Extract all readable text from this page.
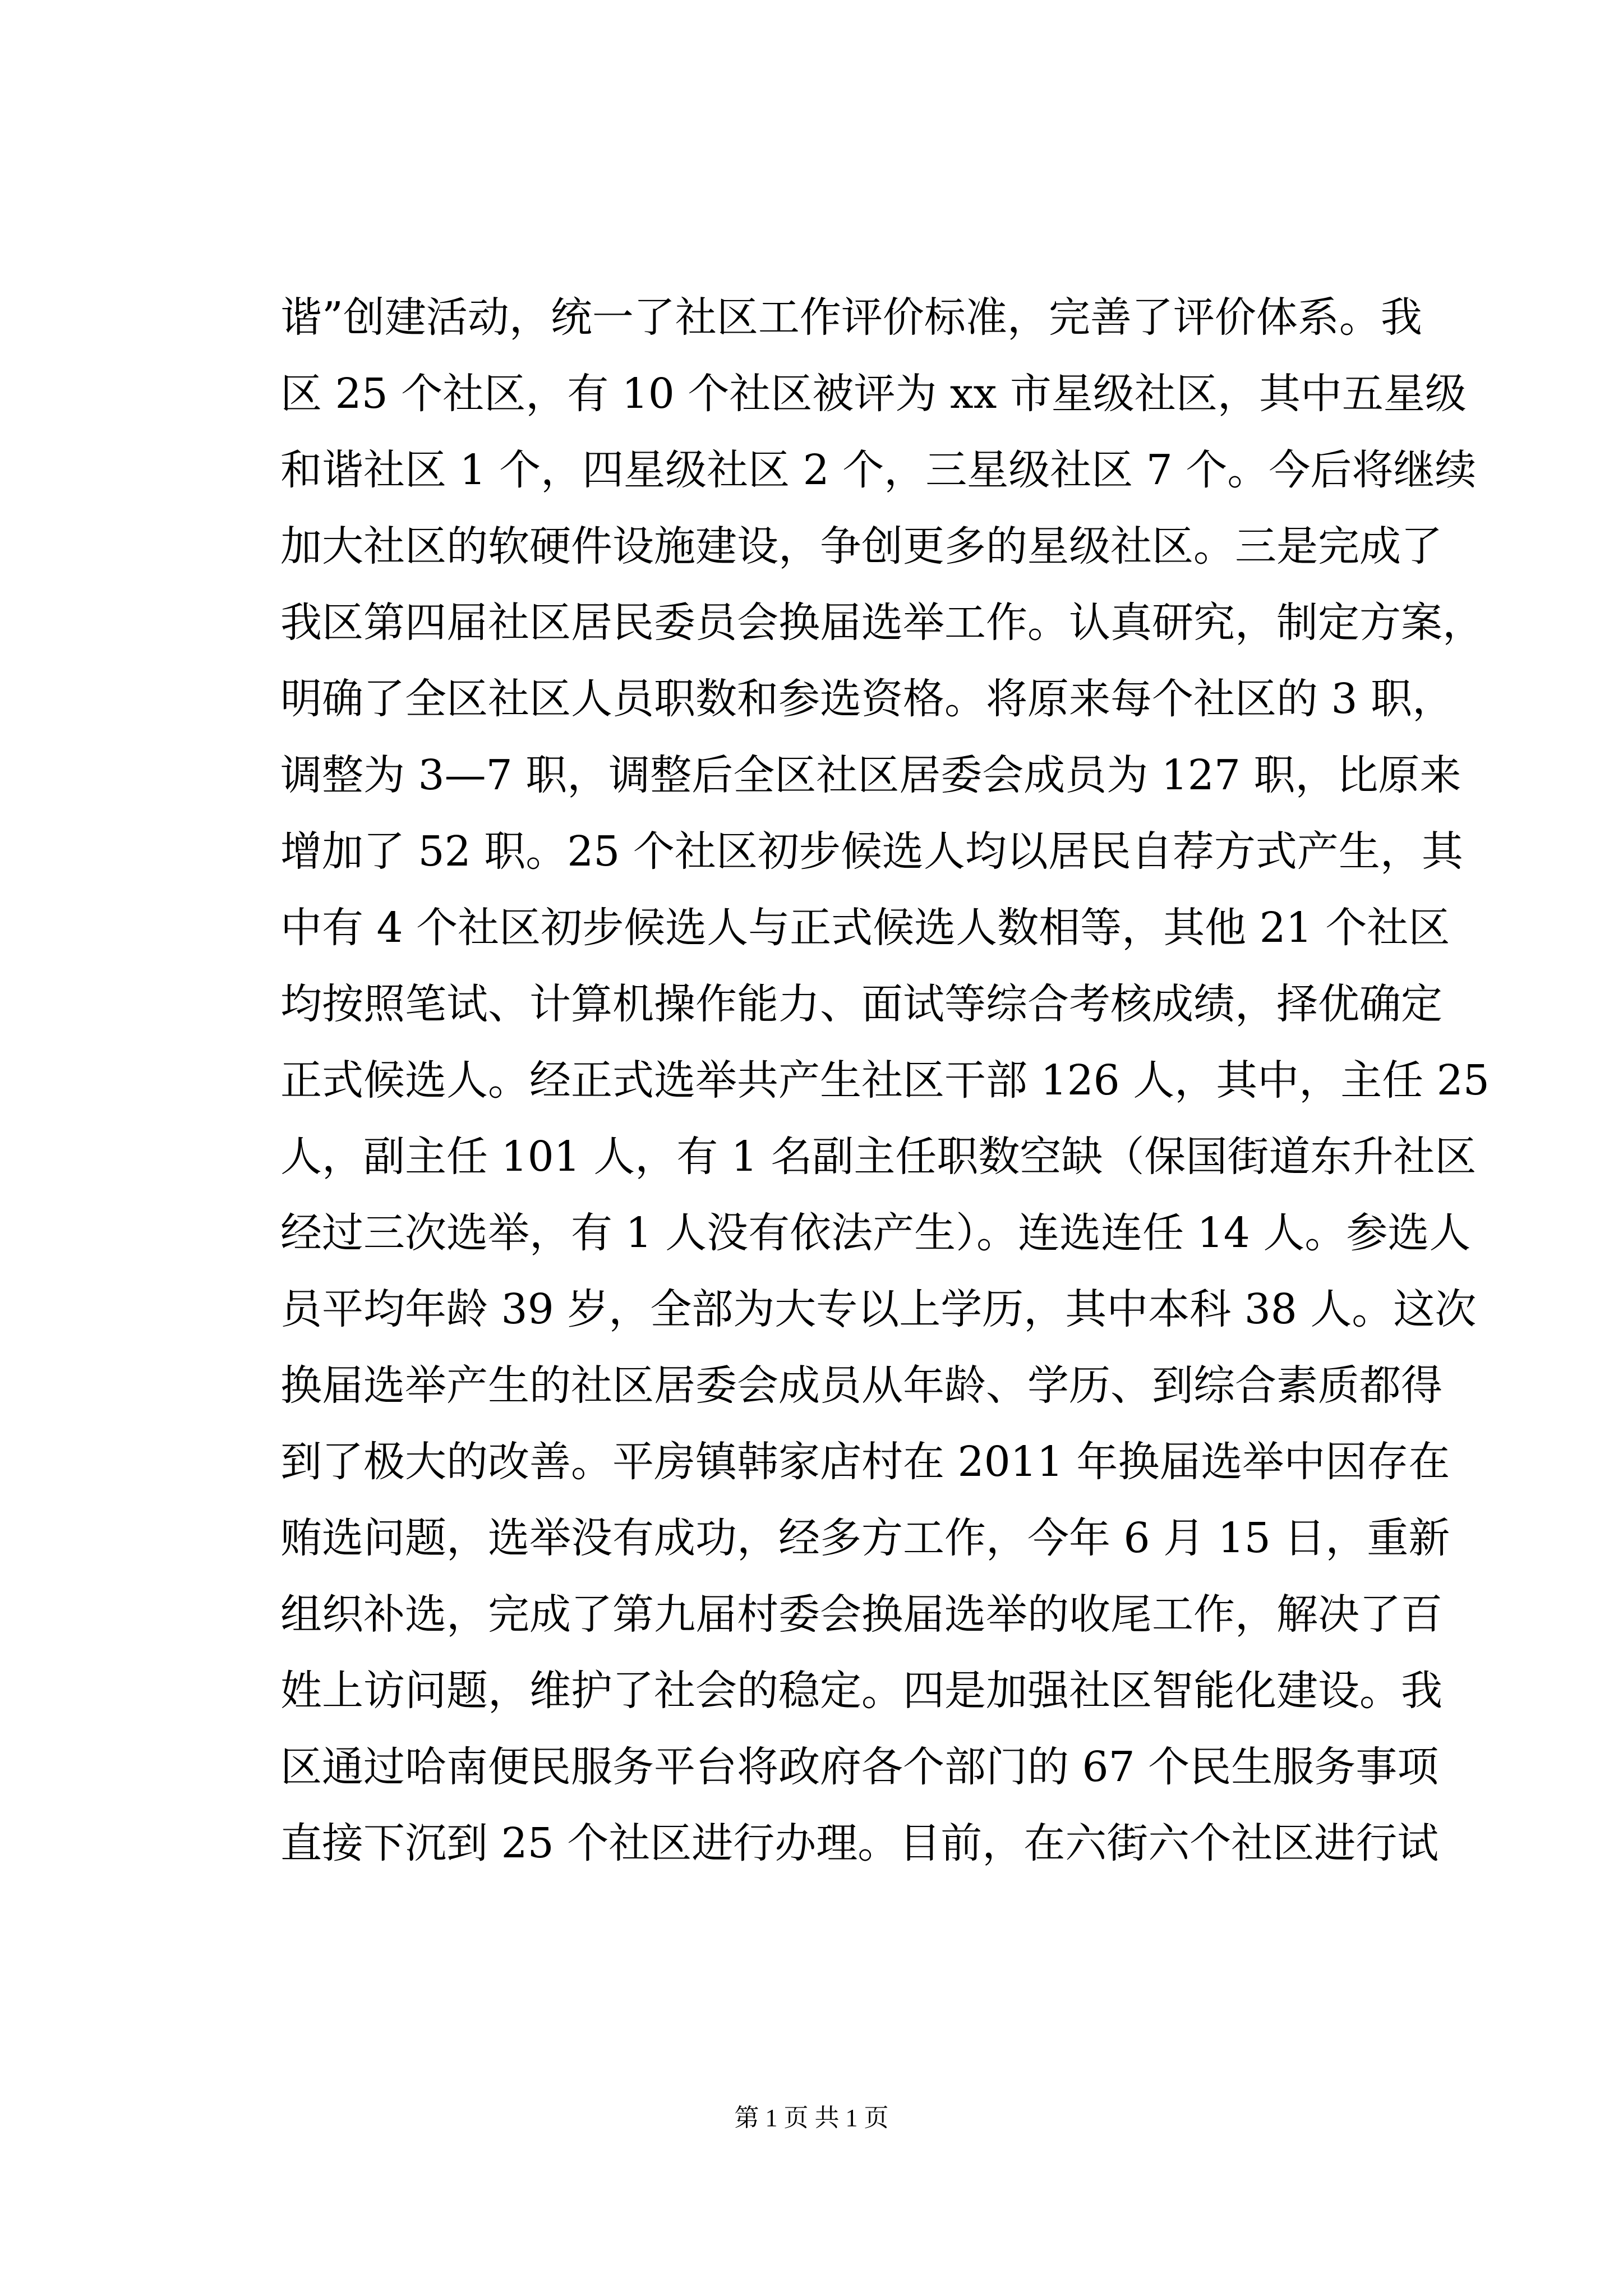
谐”创建活动，统一了社区工作评价标准，完善了评价体系。我
区 25 个社区，有 10 个社区被评为 xx 市星级社区，其中五星级
和谐社区 1 个，四星级社区 2 个，三星级社区 7 个。今后将继续
加大社区的软硬件设施建设，争创更多的星级社区。三是完成了
我区第四届社区居民委员会换届选举工作。认真研究，制定方案，
明确了全区社区人员职数和参选资格。将原来每个社区的 3 职，
调整为 3—7 职，调整后全区社区居委会成员为 127 职，比原来
增加了 52 职。25 个社区初步候选人均以居民自荐方式产生，其
中有 4 个社区初步候选人与正式候选人数相等，其他 21 个社区
均按照笔试、计算机操作能力、面试等综合考核成绩，择优确定
正式候选人。经正式选举共产生社区干部 126 人，其中，主任 25
人，副主任 101 人，有 1 名副主任职数空缺（保国街道东升社区
经过三次选举，有 1 人没有依法产生）。连选连任 14 人。参选人
员平均年龄 39 岁，全部为大专以上学历，其中本科 38 人。这次
换届选举产生的社区居委会成员从年龄、学历、到综合素质都得
到了极大的改善。平房镇韩家店村在 2011 年换届选举中因存在
贿选问题，选举没有成功，经多方工作，今年 6 月 15 日，重新
组织补选，完成了第九届村委会换届选举的收尾工作，解决了百
姓上访问题，维护了社会的稳定。四是加强社区智能化建设。我
区通过哈南便民服务平台将政府各个部门的 67 个民生服务事项
直接下沉到 25 个社区进行办理。目前，在六街六个社区进行试
第 1 页 共 1 页
